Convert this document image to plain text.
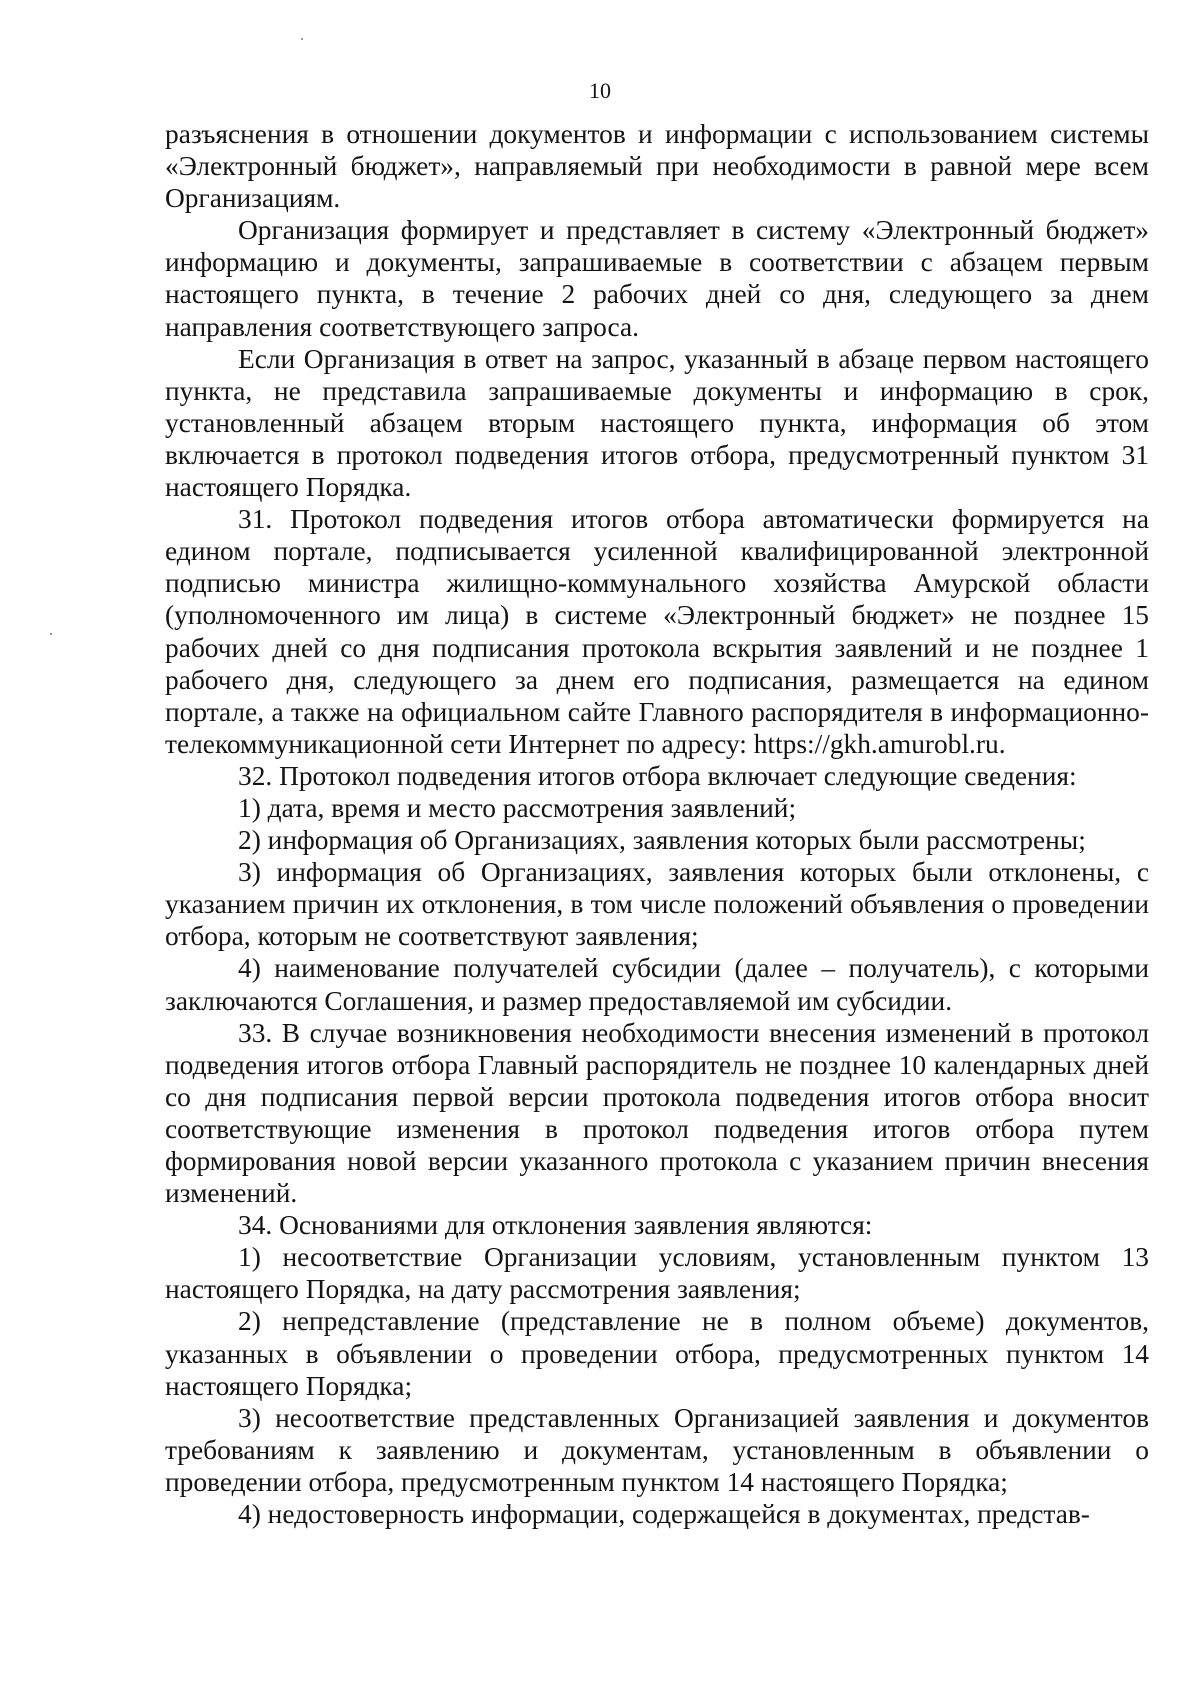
10

разъяснения в отношении документов и информации с использованием системы «Электронный бюджет», направляемый при необходимости в равной мере всем Организациям.

Организация формирует и представляет в систему «Электронный бюджет» информацию и документы, запрашиваемые в соответствии с абзацем первым настоящего пункта, в течение 2 рабочих дней со дня, следующего за днем направления соответствующего запроса.

Если Организация в ответ на запрос, указанный в абзаце первом настоящего пункта, не представила запрашиваемые документы и информацию в срок, установленный абзацем вторым настоящего пункта, информация об этом включается в протокол подведения итогов отбора, предусмотренный пунктом 31 настоящего Порядка.

31. Протокол подведения итогов отбора автоматически формируется на едином портале, подписывается усиленной квалифицированной электронной подписью министра жилищно-коммунального хозяйства Амурской области (уполномоченного им лица) в системе «Электронный бюджет» не позднее 15 рабочих дней со дня подписания протокола вскрытия заявлений и не позднее 1 рабочего дня, следующего за днем его подписания, размещается на едином портале, а также на официальном сайте Главного распорядителя в информационно-телекоммуникационной сети Интернет по адресу: https://gkh.amurobl.ru.

32. Протокол подведения итогов отбора включает следующие сведения:

1) дата, время и место рассмотрения заявлений;

2) информация об Организациях, заявления которых были рассмотрены;

3) информация об Организациях, заявления которых были отклонены, с указанием причин их отклонения, в том числе положений объявления о проведении отбора, которым не соответствуют заявления;

4) наименование получателей субсидии (далее – получатель), с которыми заключаются Соглашения, и размер предоставляемой им субсидии.

33. В случае возникновения необходимости внесения изменений в протокол подведения итогов отбора Главный распорядитель не позднее 10 календарных дней со дня подписания первой версии протокола подведения итогов отбора вносит соответствующие изменения в протокол подведения итогов отбора путем формирования новой версии указанного протокола с указанием причин внесения изменений.

34. Основаниями для отклонения заявления являются:

1) несоответствие Организации условиям, установленным пунктом 13 настоящего Порядка, на дату рассмотрения заявления;

2) непредставление (представление не в полном объеме) документов, указанных в объявлении о проведении отбора, предусмотренных пунктом 14 настоящего Порядка;

3) несоответствие представленных Организацией заявления и документов требованиям к заявлению и документам, установленным в объявлении о проведении отбора, предусмотренным пунктом 14 настоящего Порядка;

4) недостоверность информации, содержащейся в документах, представ-
